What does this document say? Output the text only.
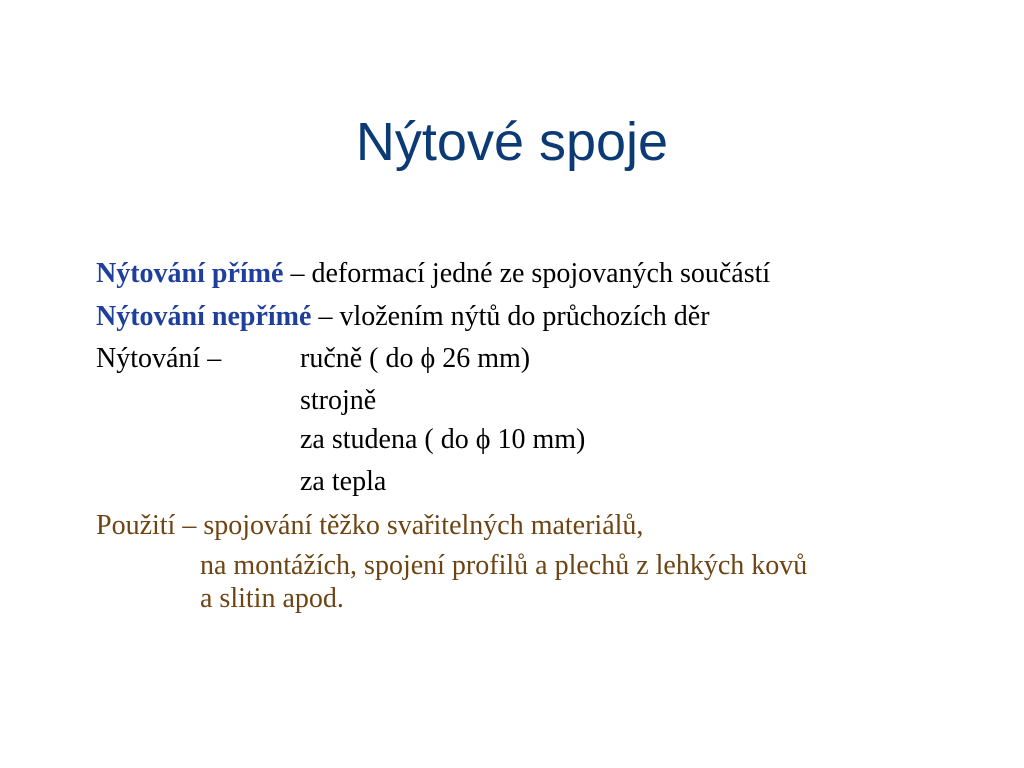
Nýtové spoje
Nýtování přímé – deformací jedné ze spojovaných součástí
Nýtování nepřímé – vložením nýtů do průchozích děr
Nýtování –	ručně ( do ϕ 26 mm)
strojně
za studena ( do ϕ 10 mm)
za tepla
Použití – spojování těžko svařitelných materiálů,
na montážích, spojení profilů a plechů z lehkých kovů
a slitin apod.
